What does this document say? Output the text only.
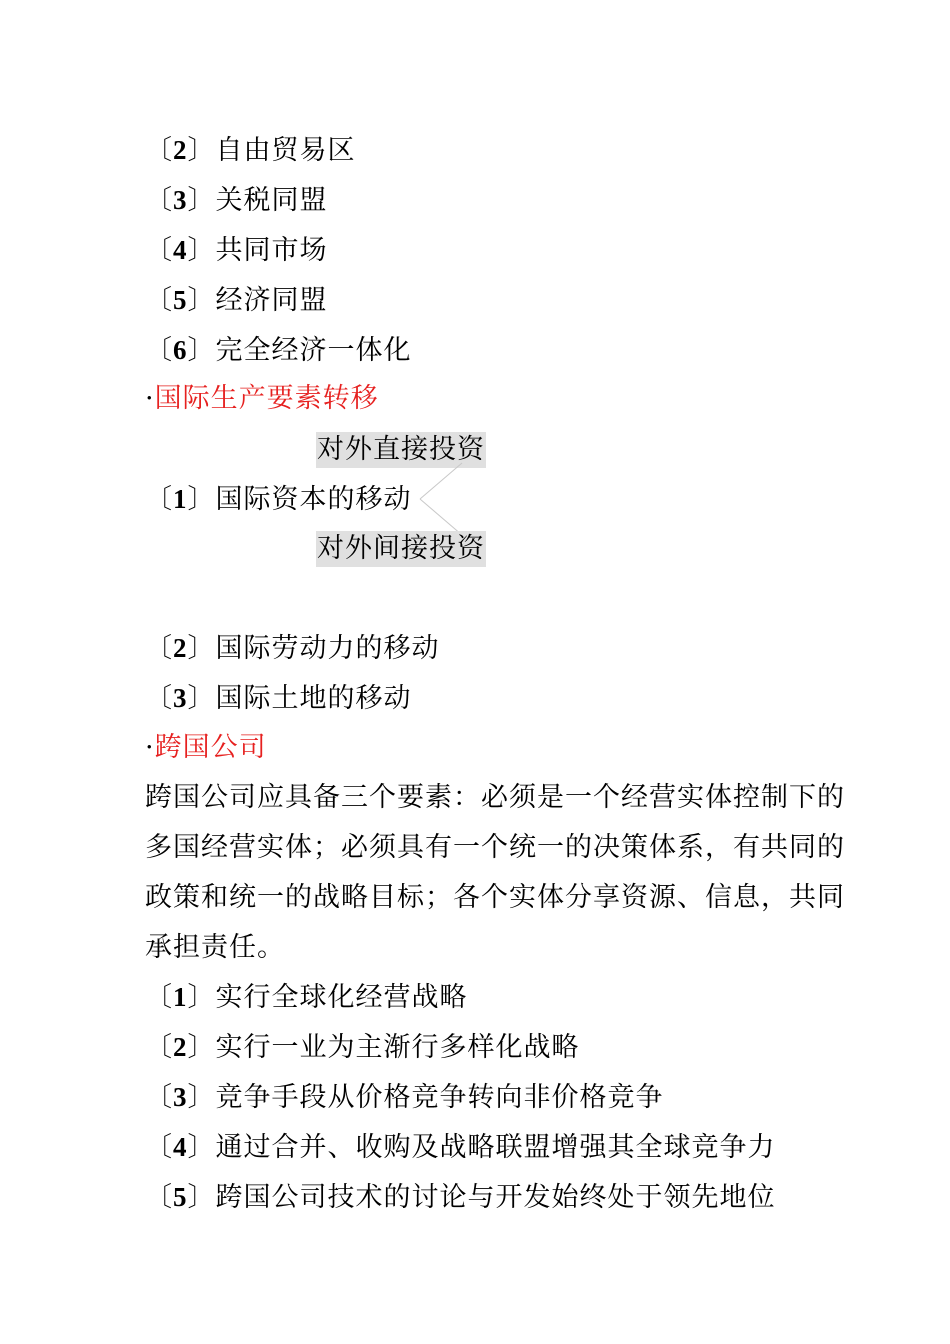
〔2〕自由贸易区
〔3〕关税同盟
〔4〕共同市场
〔5〕经济同盟
〔6〕完全经济一体化
·国际生产要素转移
对外直接投资
〔1〕国际资本的移动
对外间接投资
〔2〕国际劳动力的移动
〔3〕国际土地的移动
·跨国公司
跨国公司应具备三个要素：必须是一个经营实体控制下的多国经营实体；必须具有一个统一的决策体系，有共同的政策和统一的战略目标；各个实体分享资源、信息，共同承担责任。
〔1〕实行全球化经营战略
〔2〕实行一业为主渐行多样化战略
〔3〕竞争手段从价格竞争转向非价格竞争
〔4〕通过合并、收购及战略联盟增强其全球竞争力
〔5〕跨国公司技术的讨论与开发始终处于领先地位
